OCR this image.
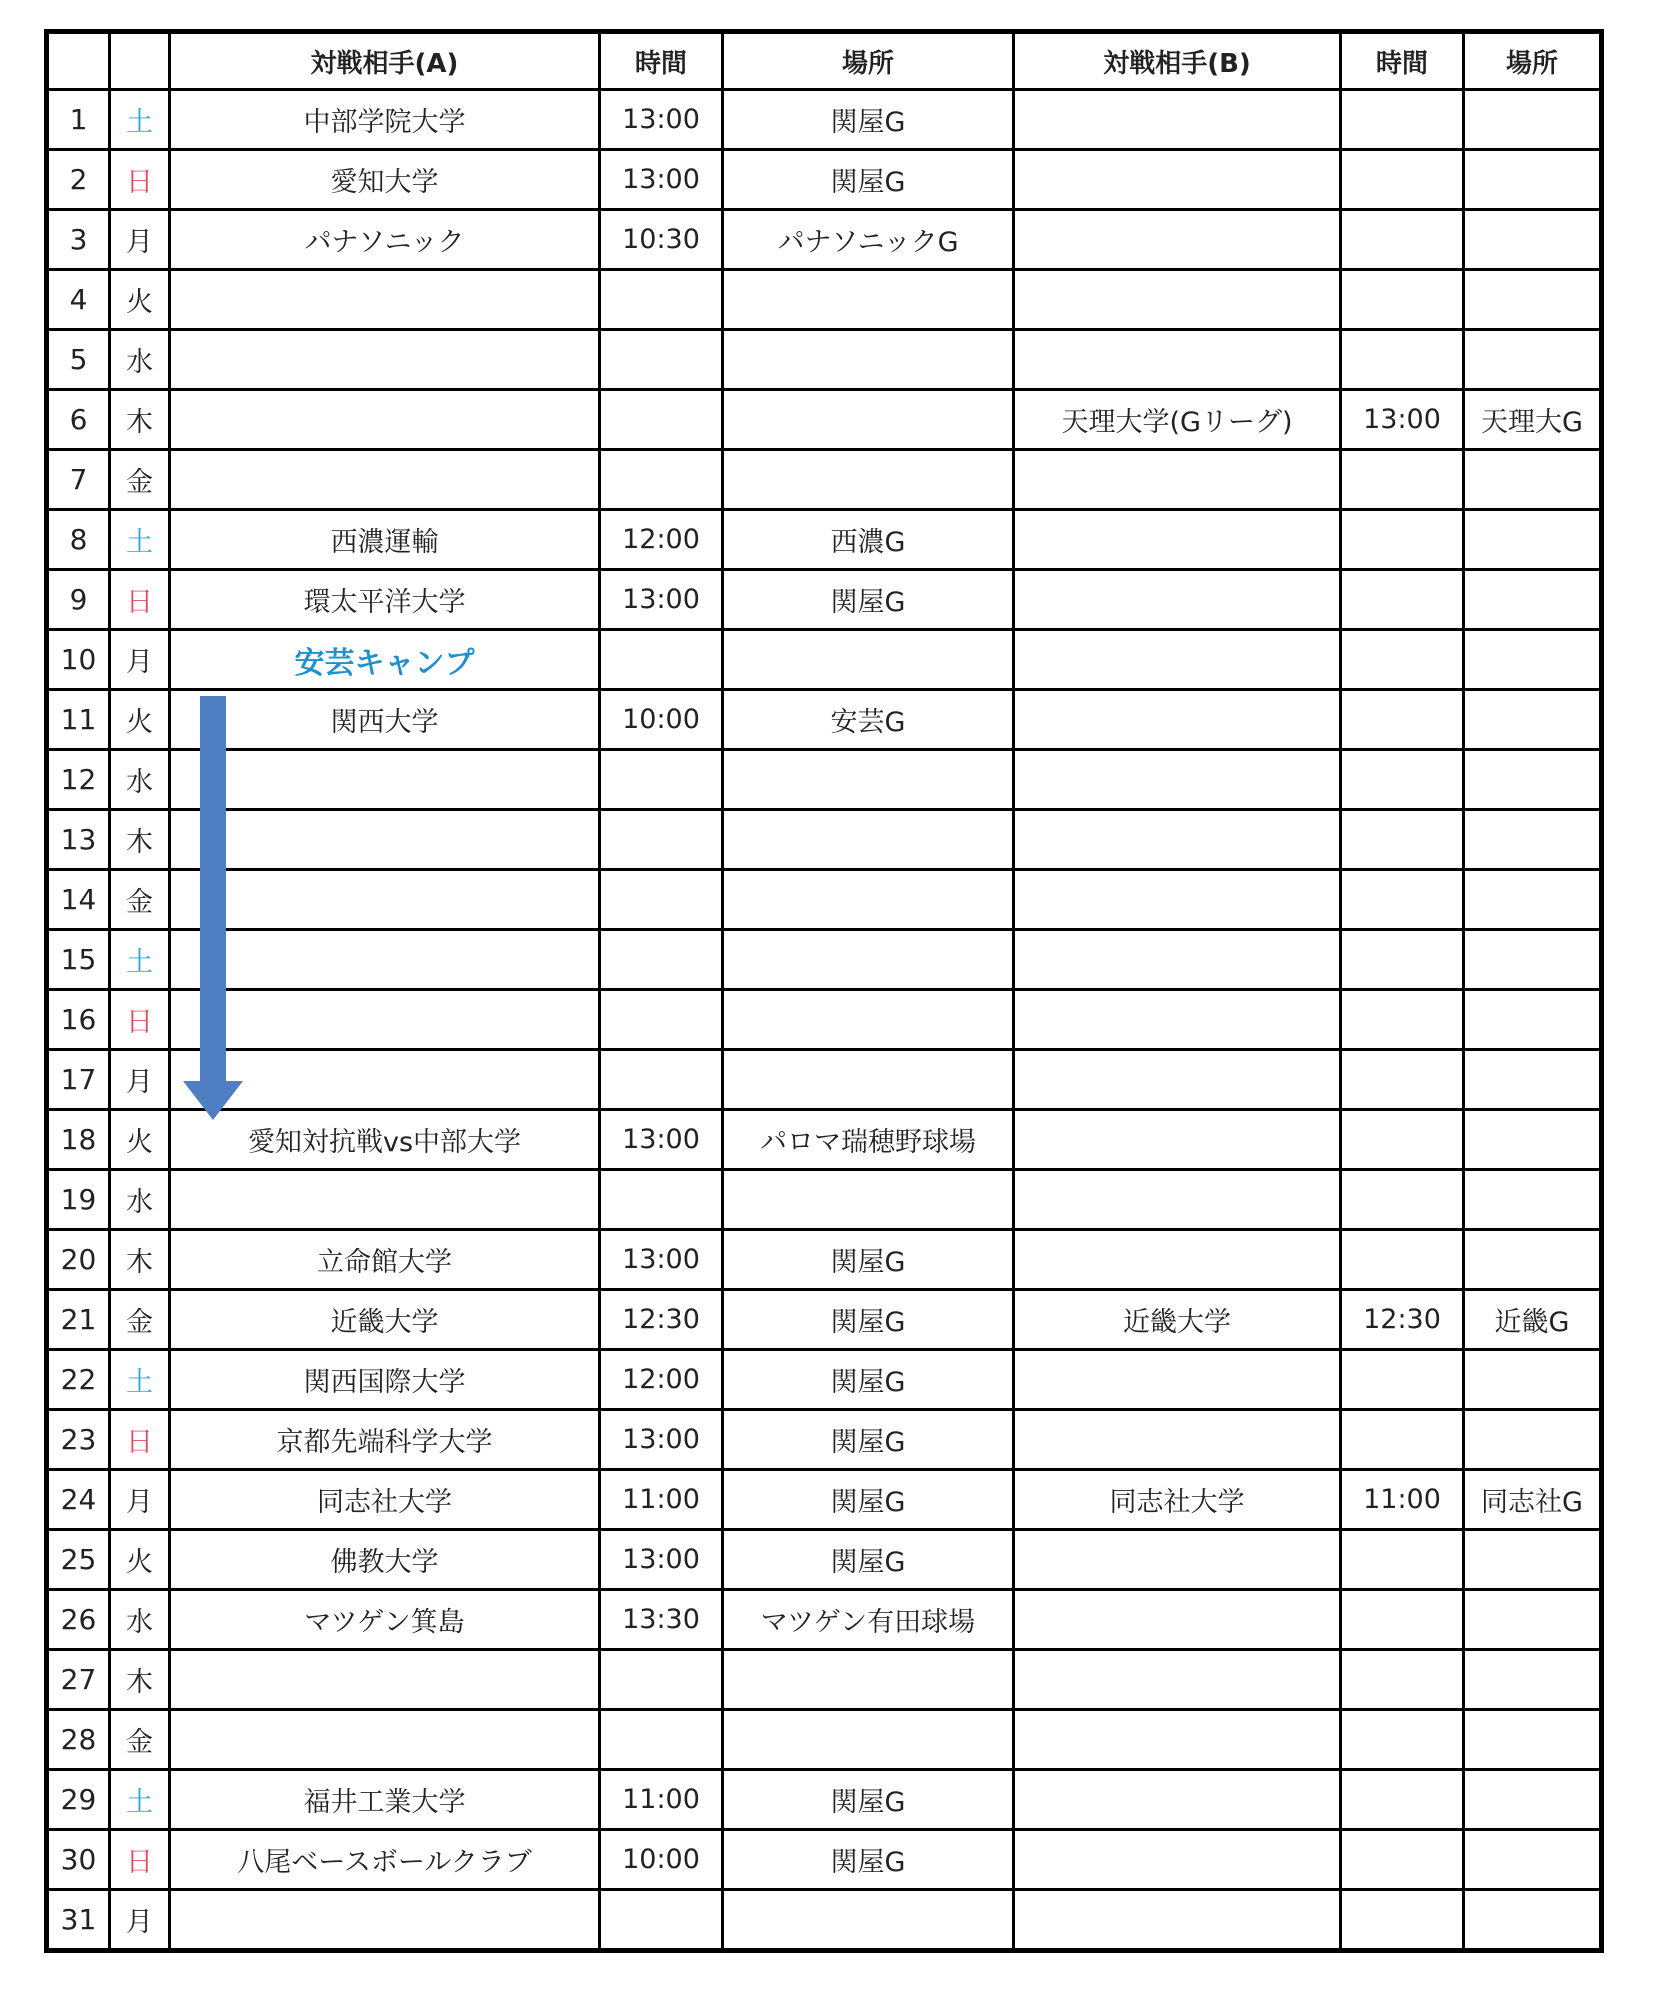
		対戦相手(A)	時間	場所	対戦相手(B)	時間	場所
1	土	中部学院大学	13:00	関屋G			
2	日	愛知大学	13:00	関屋G			
3	月	パナソニック	10:30	パナソニックG			
4	火						
5	水						
6	木				天理大学(Gリーグ)	13:00	天理大G
7	金						
8	土	西濃運輸	12:00	西濃G			
9	日	環太平洋大学	13:00	関屋G			
10	月	安芸キャンプ					
11	火	関西大学	10:00	安芸G			
12	水						
13	木						
14	金						
15	土						
16	日						
17	月						
18	火	愛知対抗戦vs中部大学	13:00	パロマ瑞穂野球場			
19	水						
20	木	立命館大学	13:00	関屋G			
21	金	近畿大学	12:30	関屋G	近畿大学	12:30	近畿G
22	土	関西国際大学	12:00	関屋G			
23	日	京都先端科学大学	13:00	関屋G			
24	月	同志社大学	11:00	関屋G	同志社大学	11:00	同志社G
25	火	佛教大学	13:00	関屋G			
26	水	マツゲン箕島	13:30	マツゲン有田球場			
27	木						
28	金						
29	土	福井工業大学	11:00	関屋G			
30	日	八尾ベースボールクラブ	10:00	関屋G			
31	月						
